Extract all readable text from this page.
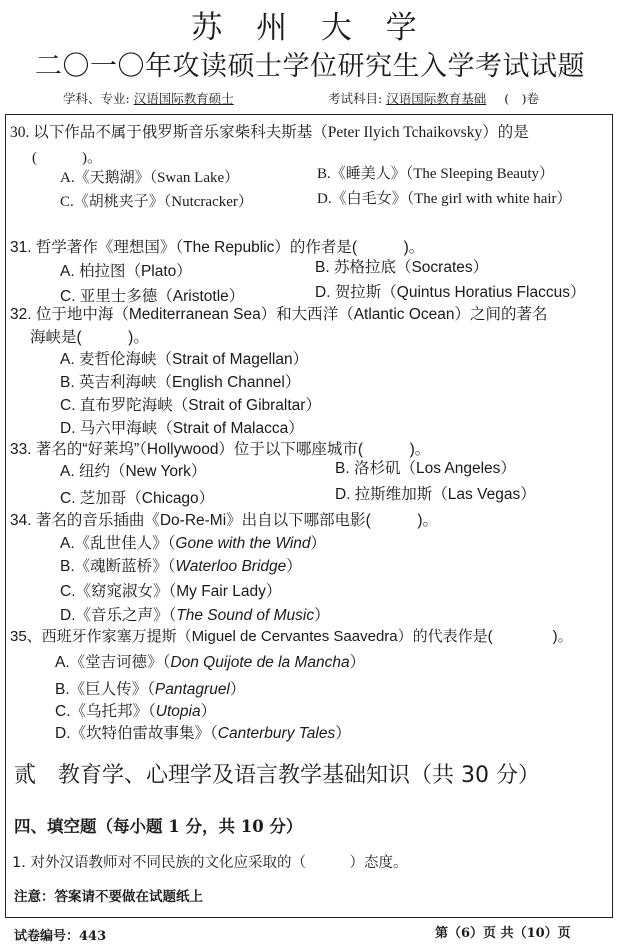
苏 州 大 学
二〇一〇年攻读硕士学位研究生入学考试试题
学科、专业: 汉语国际教育硕士	考试科目: 汉语国际教育基础 (　)卷
30. 以下作品不属于俄罗斯音乐家柴科夫斯基（Peter Ilyich Tchaikovsky）的是
(　　　)。
A.《天鹅湖》（Swan Lake）	B.《睡美人》（The Sleeping Beauty）
C.《胡桃夹子》（Nutcracker）	D.《白毛女》（The girl with white hair）
31. 哲学著作《理想国》（The Republic）的作者是(　　　)。
A. 柏拉图（Plato）	B. 苏格拉底（Socrates）
C. 亚里士多德（Aristotle）	D. 贺拉斯（Quintus Horatius Flaccus）
32. 位于地中海（Mediterranean Sea）和大西洋（Atlantic Ocean）之间的著名
海峡是(　　　)。
A. 麦哲伦海峡（Strait of Magellan）
B. 英吉利海峡（English Channel）
C. 直布罗陀海峡（Strait of Gibraltar）
D. 马六甲海峡（Strait of Malacca）
33. 著名的“好莱坞”（Hollywood）位于以下哪座城市(　　　)。
A. 纽约（New York）	B. 洛杉矶（Los Angeles）
C. 芝加哥（Chicago）	D. 拉斯维加斯（Las Vegas）
34. 著名的音乐插曲《Do-Re-Mi》出自以下哪部电影(　　　)。
A.《乱世佳人》（Gone with the Wind）
B.《魂断蓝桥》（Waterloo Bridge）
C.《窈窕淑女》（My Fair Lady）
D.《音乐之声》（The Sound of Music）
35、西班牙作家塞万提斯（Miguel de Cervantes Saavedra）的代表作是(　　　　)。
A.《堂吉诃德》（Don Quijote de la Mancha）
B.《巨人传》（Pantagruel）
C.《乌托邦》（Utopia）
D.《坎特伯雷故事集》（Canterbury Tales）
贰　教育学、心理学及语言教学基础知识（共 30 分）
四、填空题（每小题 1 分，共 10 分）
1. 对外汉语教师对不同民族的文化应采取的（　　　）态度。
注意：答案请不要做在试题纸上
试卷编号：443	第（6）页 共（10）页
